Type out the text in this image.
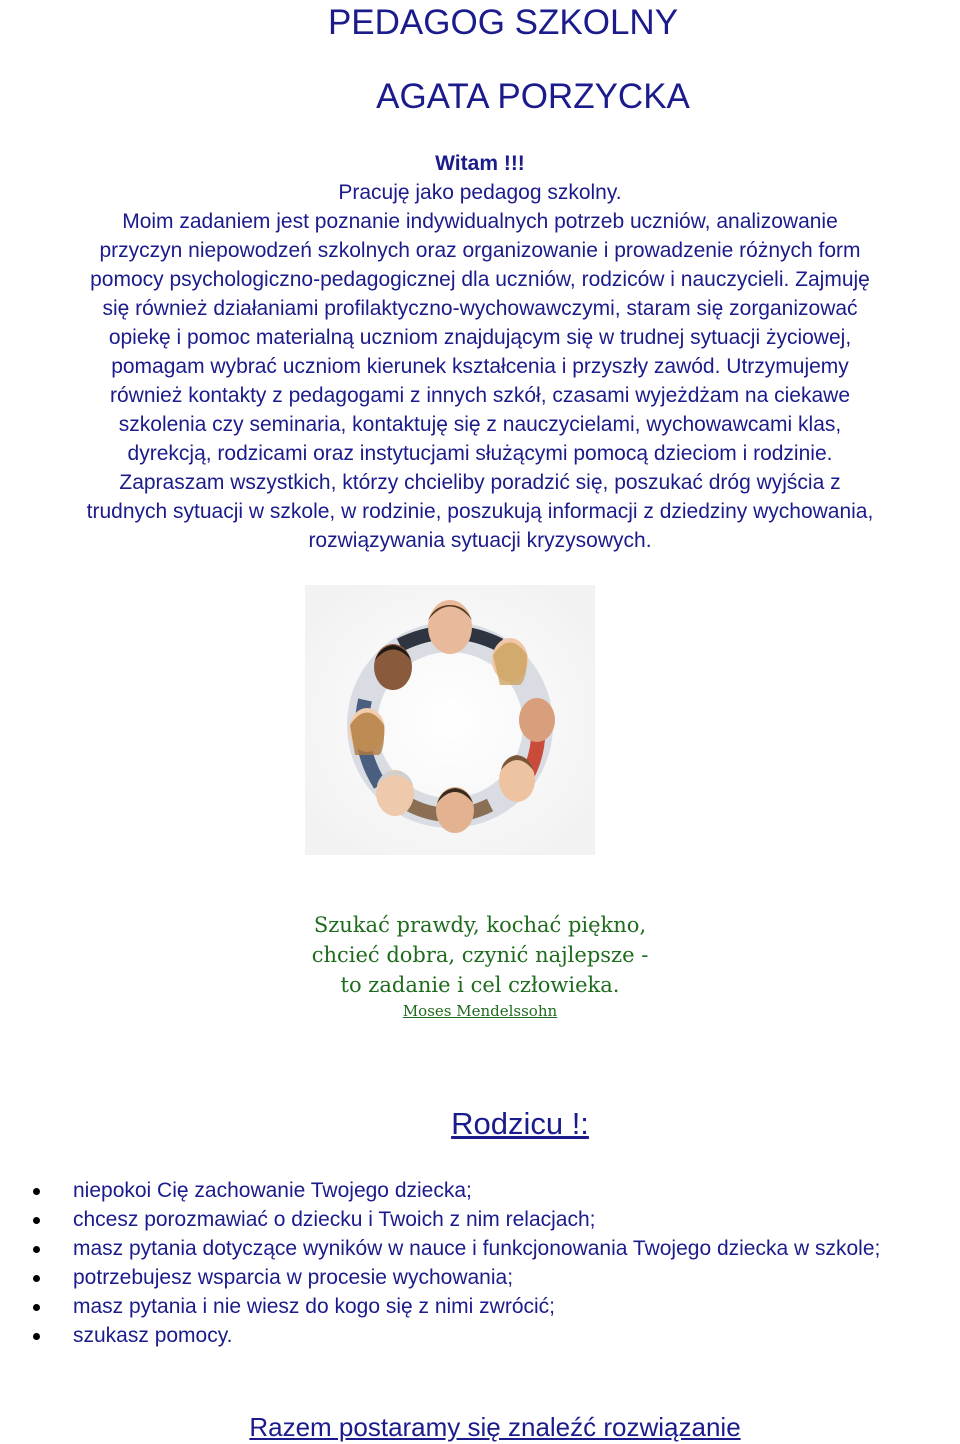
PEDAGOG SZKOLNY
AGATA PORZYCKA
Witam !!!

Pracuję jako pedagog szkolny.

Moim zadaniem jest poznanie indywidualnych potrzeb uczniów, analizowanie

przyczyn niepowodzeń szkolnych oraz organizowanie i prowadzenie różnych form

pomocy psychologiczno-pedagogicznej dla uczniów, rodziców i nauczycieli. Zajmuję

się również działaniami profilaktyczno-wychowawczymi, staram się zorganizować

opiekę i pomoc materialną uczniom znajdującym się w trudnej sytuacji życiowej,

pomagam wybrać uczniom kierunek kształcenia i przyszły zawód. Utrzymujemy

również kontakty z pedagogami z innych szkół, czasami wyjeżdżam na ciekawe

szkolenia czy seminaria, kontaktuję się z nauczycielami, wychowawcami klas,

dyrekcją, rodzicami oraz instytucjami służącymi pomocą dzieciom i rodzinie.

Zapraszam wszystkich, którzy chcieliby poradzić się, poszukać dróg wyjścia z

trudnych sytuacji w szkole, w rodzinie, poszukują informacji z dziedziny wychowania,

rozwiązywania sytuacji kryzysowych.

Szukać prawdy, kochać piękno,
chcieć dobra, czynić najlepsze -
to zadanie i cel człowieka.
Moses Mendelssohn
Rodzicu !:
niepokoi Cię zachowanie Twojego dziecka;
chcesz porozmawiać o dziecku i Twoich z nim relacjach;
masz pytania dotyczące wyników w nauce i funkcjonowania Twojego dziecka w szkole;
potrzebujesz wsparcia w procesie wychowania;
masz pytania i nie wiesz do kogo się z nimi zwrócić;
szukasz pomocy.
Razem postaramy się znaleźć rozwiązanie
